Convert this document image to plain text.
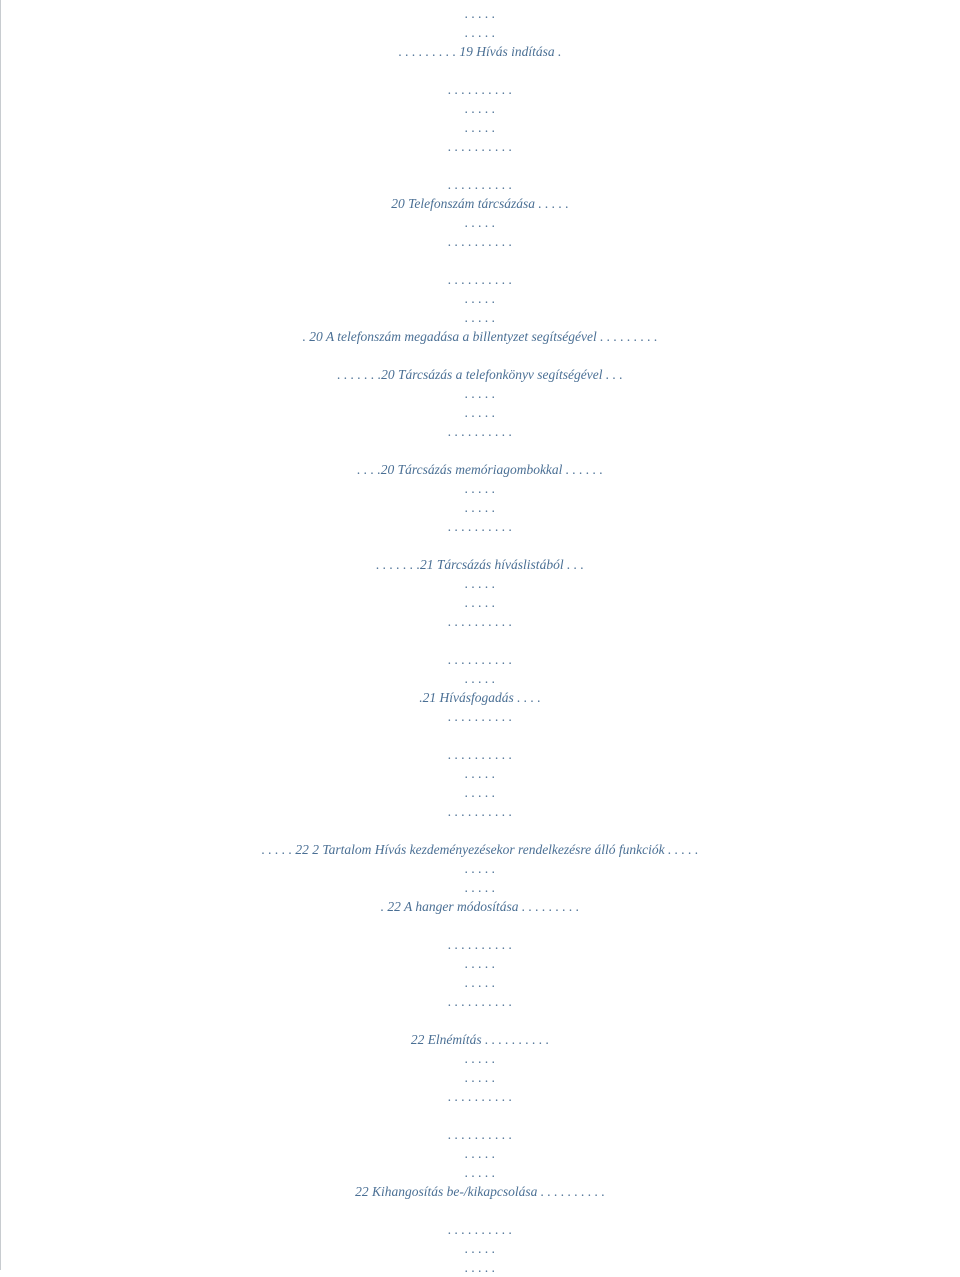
. . . . .
. . . . .
. . . . . . . . . 19 Hívás indítása .
. . . . . . . . . .
. . . . .
. . . . .
. . . . . . . . . .
. . . . . . . . . .
20 Telefonszám tárcsázása . . . . .
. . . . .
. . . . . . . . . .
. . . . . . . . . .
. . . . .
. . . . .
. 20 A telefonszám megadása a billentyzet segítségével . . . . . . . . .
. . . . . . .20 Tárcsázás a telefonkönyv segítségével . . .
. . . . .
. . . . .
. . . . . . . . . .
. . . .20 Tárcsázás memóriagombokkal . . . . . .
. . . . .
. . . . .
. . . . . . . . . .
. . . . . . .21 Tárcsázás híváslistából . . .
. . . . .
. . . . .
. . . . . . . . . .
. . . . . . . . . .
. . . . .
.21 Hívásfogadás . . . .
. . . . . . . . . .
. . . . . . . . . .
. . . . .
. . . . .
. . . . . . . . . .
. . . . . 22 2 Tartalom Hívás kezdeményezésekor rendelkezésre álló funkciók . . . . .
. . . . .
. . . . .
. 22 A hanger módosítása . . . . . . . . .
. . . . . . . . . .
. . . . .
. . . . .
. . . . . . . . . .
22 Elnémítás . . . . . . . . . .
. . . . .
. . . . .
. . . . . . . . . .
. . . . . . . . . .
. . . . .
. . . . .
22 Kihangosítás be-/kikapcsolása . . . . . . . . . .
. . . . . . . . . .
. . . . .
. . . . .
